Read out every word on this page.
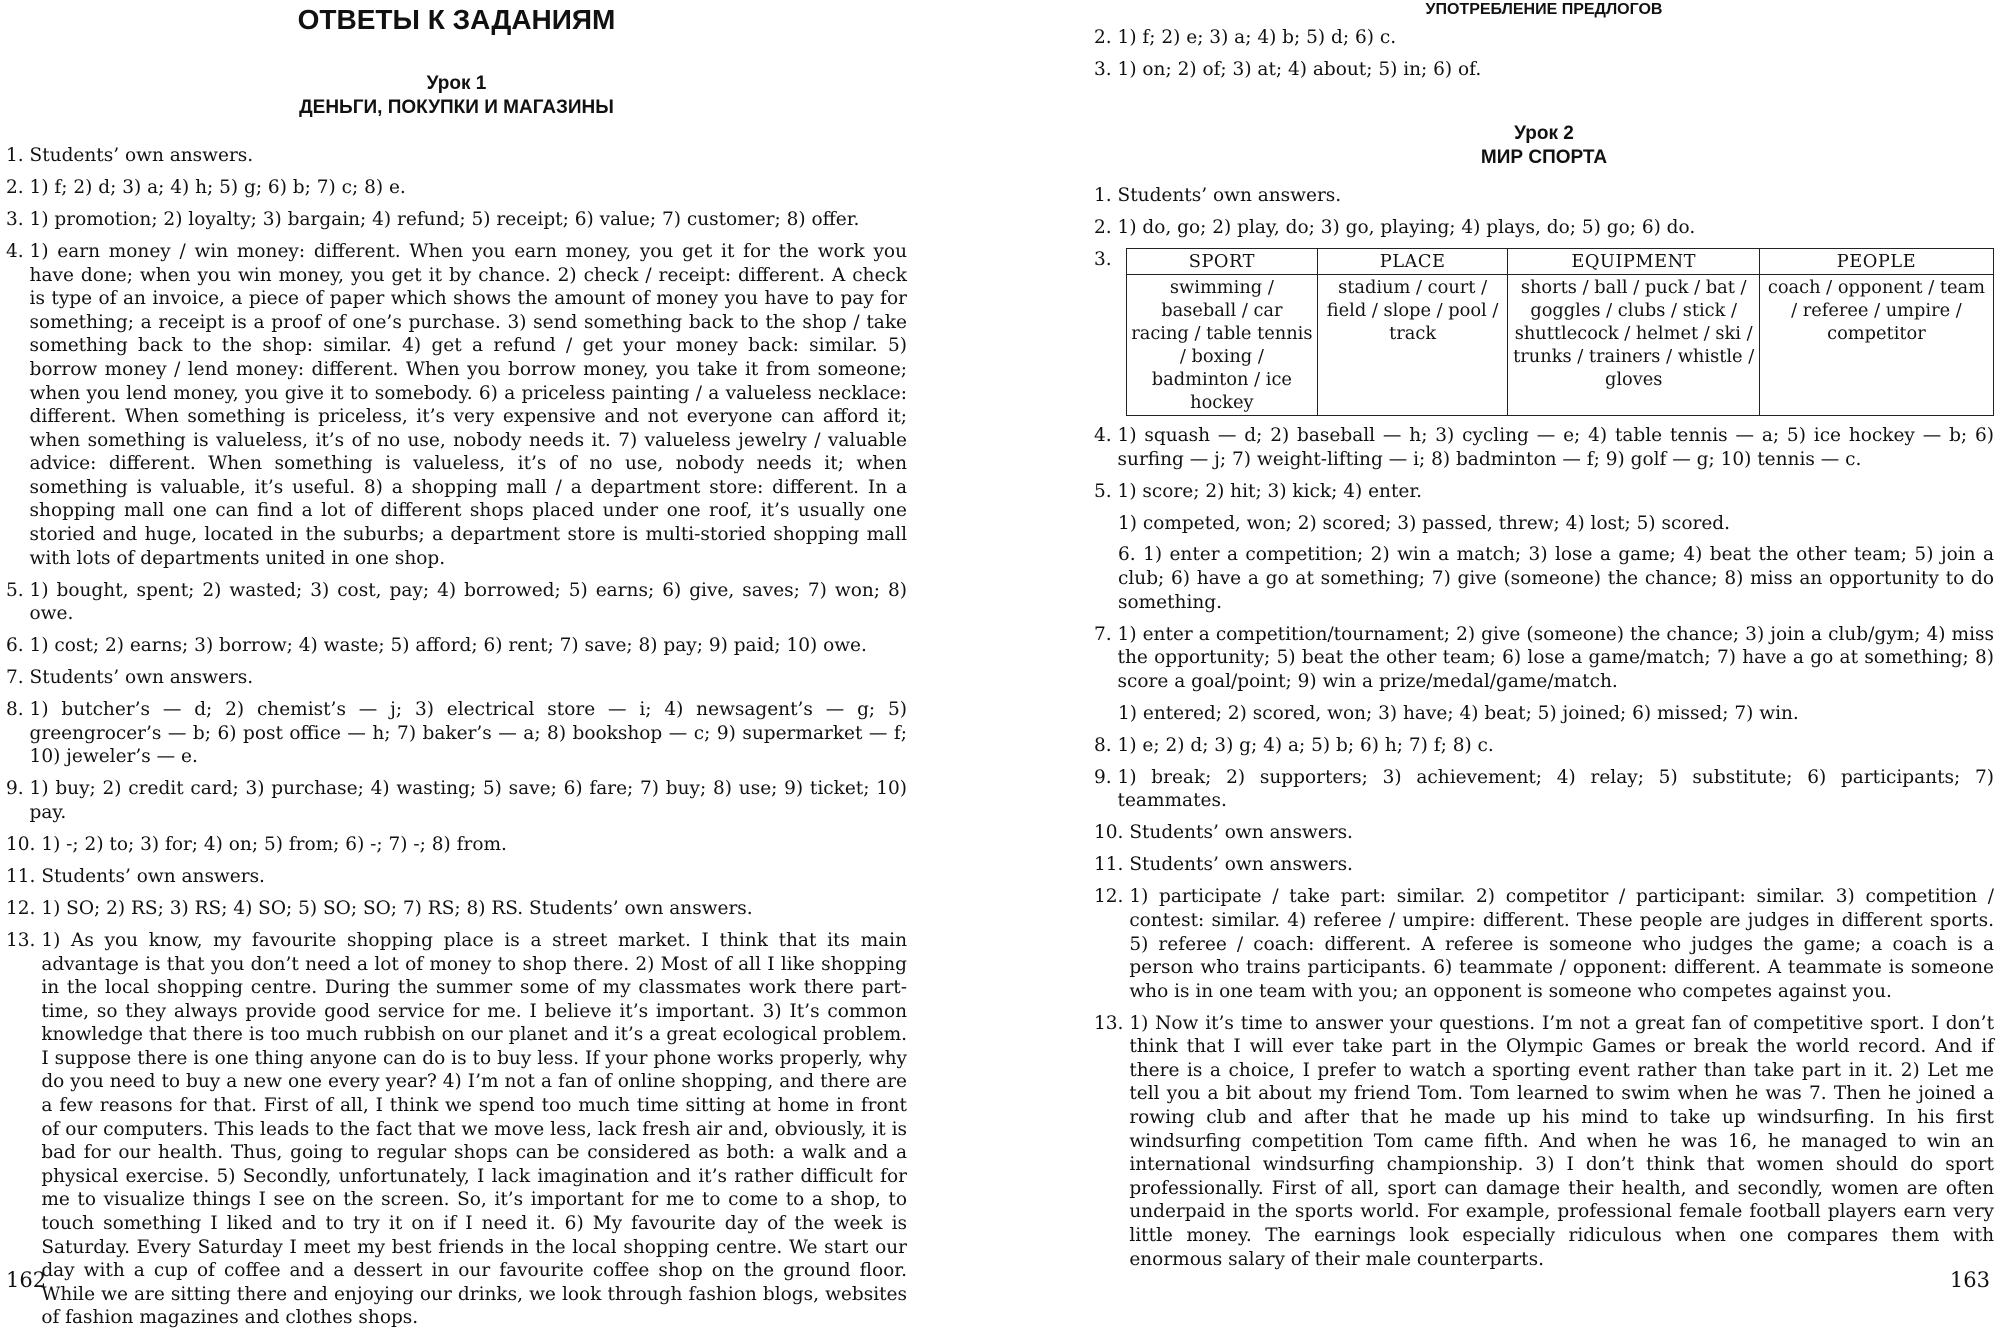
ОТВЕТЫ К ЗАДАНИЯМ
Урок 1
ДЕНЬГИ, ПОКУПКИ И МАГАЗИНЫ
1. Students’ own answers.
2. 1) f; 2) d; 3) a; 4) h; 5) g; 6) b; 7) c; 8) e.
3. 1) promotion; 2) loyalty; 3) bargain; 4) refund; 5) receipt; 6) value; 7) customer; 8) offer.
4. 1) earn money / win money: different. When you earn money, you get it for the work you have done; when you win money, you get it by chance. 2) check / receipt: different. A check is type of an invoice, a piece of paper which shows the amount of money you have to pay for something; a receipt is a proof of one’s purchase. 3) send something back to the shop / take something back to the shop: similar. 4) get a refund / get your money back: similar. 5) borrow money / lend money: different. When you borrow money, you take it from someone; when you lend money, you give it to somebody. 6) a priceless painting / a valueless necklace: different. When something is priceless, it’s very expensive and not everyone can afford it; when something is valueless, it’s of no use, nobody needs it. 7) valueless jewelry / valuable advice: different. When something is valueless, it’s of no use, nobody needs it; when something is valuable, it’s useful. 8) a shopping mall / a department store: different. In a shopping mall one can find a lot of different shops placed under one roof, it’s usually one storied and huge, located in the suburbs; a department store is multi-storied shopping mall with lots of departments united in one shop.
5. 1) bought, spent; 2) wasted; 3) cost, pay; 4) borrowed; 5) earns; 6) give, saves; 7) won; 8) owe.
6. 1) cost; 2) earns; 3) borrow; 4) waste; 5) afford; 6) rent; 7) save; 8) pay; 9) paid; 10) owe.
7. Students’ own answers.
8. 1) butcher’s — d; 2) chemist’s — j; 3) electrical store — i; 4) newsagent’s — g; 5) greengrocer’s — b; 6) post office — h; 7) baker’s — a; 8) bookshop — c; 9) supermarket — f; 10) jeweler’s — e.
9. 1) buy; 2) credit card; 3) purchase; 4) wasting; 5) save; 6) fare; 7) buy; 8) use; 9) ticket; 10) pay.
10. 1) -; 2) to; 3) for; 4) on; 5) from; 6) -; 7) -; 8) from.
11. Students’ own answers.
12. 1) SO; 2) RS; 3) RS; 4) SO; 5) SO; SO; 7) RS; 8) RS. Students’ own answers.
13. 1) As you know, my favourite shopping place is a street market. I think that its main advantage is that you don’t need a lot of money to shop there. 2) Most of all I like shopping in the local shopping centre. During the summer some of my classmates work there part-time, so they always provide good service for me. I believe it’s important. 3) It’s common knowledge that there is too much rubbish on our planet and it’s a great ecological problem. I suppose there is one thing anyone can do is to buy less. If your phone works properly, why do you need to buy a new one every year? 4) I’m not a fan of online shopping, and there are a few reasons for that. First of all, I think we spend too much time sitting at home in front of our computers. This leads to the fact that we move less, lack fresh air and, obviously, it is bad for our health. Thus, going to regular shops can be considered as both: a walk and a physical exercise. 5) Secondly, unfortunately, I lack imagination and it’s rather difficult for me to visualize things I see on the screen. So, it’s important for me to come to a shop, to touch something I liked and to try it on if I need it. 6) My favourite day of the week is Saturday. Every Saturday I meet my best friends in the local shopping centre. We start our day with a cup of coffee and a dessert in our favourite coffee shop on the ground floor. While we are sitting there and enjoying our drinks, we look through fashion blogs, websites of fashion magazines and clothes shops.
162
УПОТРЕБЛЕНИЕ ПРЕДЛОГОВ
2. 1) f; 2) e; 3) a; 4) b; 5) d; 6) c.
3. 1) on; 2) of; 3) at; 4) about; 5) in; 6) of.
Урок 2
МИР СПОРТА
1. Students’ own answers.
2. 1) do, go; 2) play, do; 3) go, playing; 4) plays, do; 5) go; 6) do.
3.	SPORT	PLACE	EQUIPMENT	PEOPLE
swimming / baseball / car racing / table tennis / boxing / badminton / ice hockey	stadium / court / field / slope / pool / track	shorts / ball / puck / bat / goggles / clubs / stick / shuttlecock / helmet / ski / trunks / trainers / whistle / gloves	coach / opponent / team / referee / umpire / competitor
4. 1) squash — d; 2) baseball — h; 3) cycling — e; 4) table tennis — a; 5) ice hockey — b; 6) surfing — j; 7) weight-lifting — i; 8) badminton — f; 9) golf — g; 10) tennis — c.
5. 1) score; 2) hit; 3) kick; 4) enter.
1) competed, won; 2) scored; 3) passed, threw; 4) lost; 5) scored.
6. 1) enter a competition; 2) win a match; 3) lose a game; 4) beat the other team; 5) join a club; 6) have a go at something; 7) give (someone) the chance; 8) miss an opportunity to do something.
7. 1) enter a competition/tournament; 2) give (someone) the chance; 3) join a club/gym; 4) miss the opportunity; 5) beat the other team; 6) lose a game/match; 7) have a go at something; 8) score a goal/point; 9) win a prize/medal/game/match.
1) entered; 2) scored, won; 3) have; 4) beat; 5) joined; 6) missed; 7) win.
8. 1) e; 2) d; 3) g; 4) a; 5) b; 6) h; 7) f; 8) c.
9. 1) break; 2) supporters; 3) achievement; 4) relay; 5) substitute; 6) participants; 7) teammates.
10. Students’ own answers.
11. Students’ own answers.
12. 1) participate / take part: similar. 2) competitor / participant: similar. 3) competition / contest: similar. 4) referee / umpire: different. These people are judges in different sports. 5) referee / coach: different. A referee is someone who judges the game; a coach is a person who trains participants. 6) teammate / opponent: different. A teammate is someone who is in one team with you; an opponent is someone who competes against you.
13. 1) Now it’s time to answer your questions. I’m not a great fan of competitive sport. I don’t think that I will ever take part in the Olympic Games or break the world record. And if there is a choice, I prefer to watch a sporting event rather than take part in it. 2) Let me tell you a bit about my friend Tom. Tom learned to swim when he was 7. Then he joined a rowing club and after that he made up his mind to take up windsurfing. In his first windsurfing competition Tom came fifth. And when he was 16, he managed to win an international windsurfing championship. 3) I don’t think that women should do sport professionally. First of all, sport can damage their health, and secondly, women are often underpaid in the sports world. For example, professional female football players earn very little money. The earnings look especially ridiculous when one compares them with enormous salary of their male counterparts.
163
